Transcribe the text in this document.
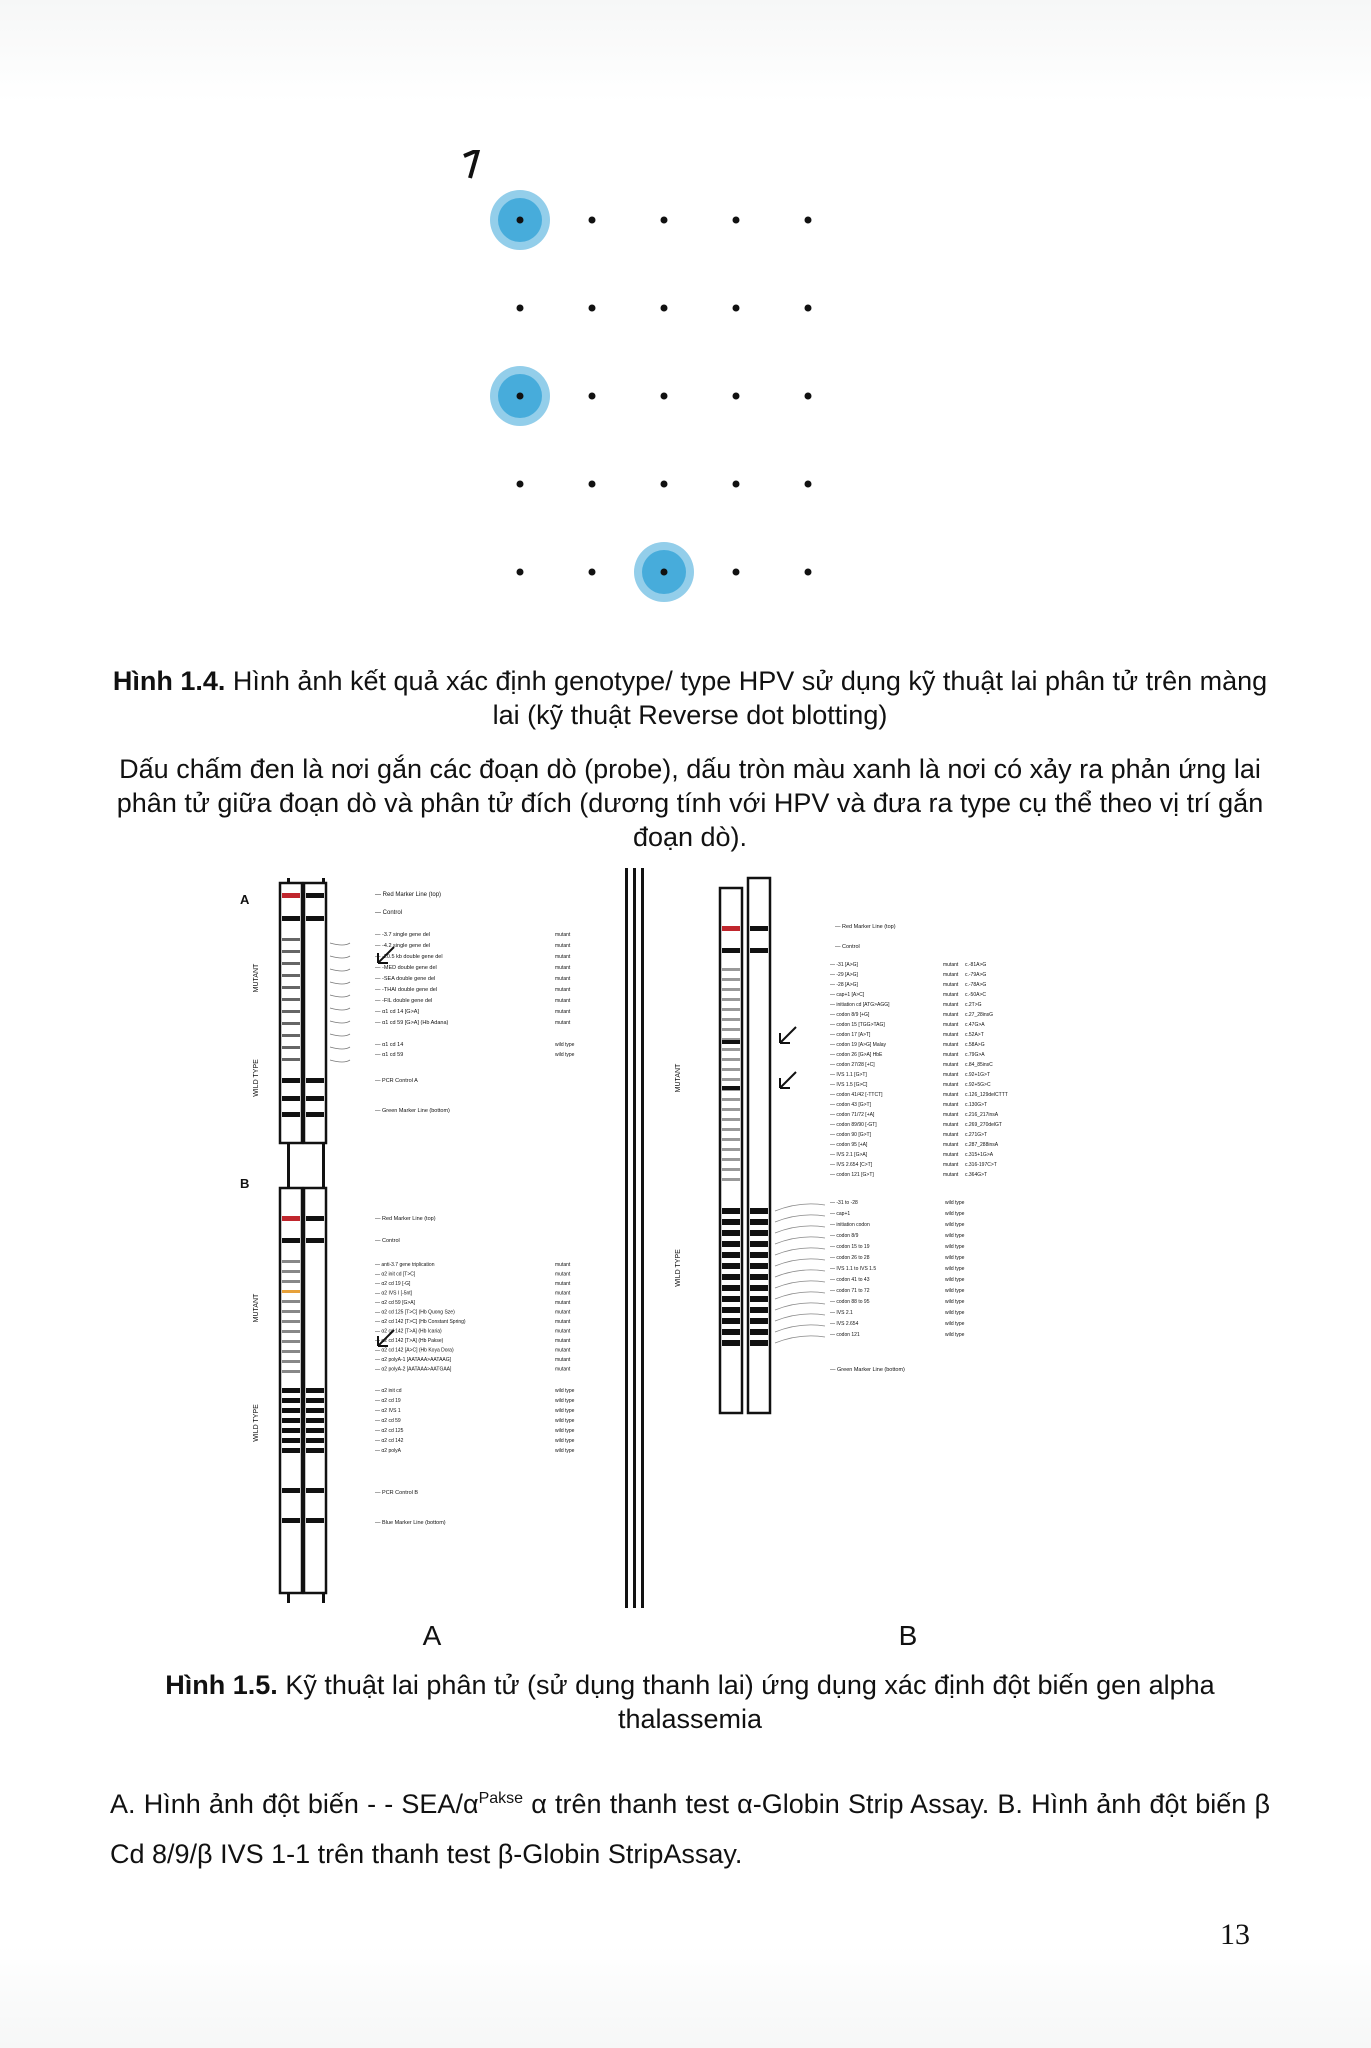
Hình 1.4. Hình ảnh kết quả xác định genotype/ type HPV sử dụng kỹ thuật lai phân tử trên màng lai (kỹ thuật Reverse dot blotting)
Dấu chấm đen là nơi gắn các đoạn dò (probe), dấu tròn màu xanh là nơi có xảy ra phản ứng lai phân tử giữa đoạn dò và phân tử đích (dương tính với HPV và đưa ra type cụ thể theo vị trí gắn đoạn dò).
A
B
MUTANT
WILD TYPE
MUTANT
WILD TYPE
— Red Marker Line (top)
— Control
— -3.7 single gene del	mutant
— -4.2 single gene del	mutant
— -20.5 kb double gene del	mutant
— -MED double gene del	mutant
— -SEA double gene del	mutant
— -THAI double gene del	mutant
— -FIL double gene del	mutant
— α1 cd 14 [G>A]	mutant
— α1 cd 59 [G>A] (Hb Adana)	mutant
— α1 cd 14	wild type
— α1 cd 59	wild type
— PCR Control A
— Green Marker Line (bottom)
— Red Marker Line (top)
— Control
— anti-3.7 gene triplication	mutant
— α2 init cd [T>C]	mutant
— α2 cd 19 [-G]	mutant
— α2 IVS I [-5nt]	mutant
— α2 cd 59 [G>A]	mutant
— α2 cd 125 [T>C] (Hb Quong Sze)	mutant
— α2 cd 142 [T>C] (Hb Constant Spring)	mutant
— α2 cd 142 [T>A] (Hb Icaria)	mutant
— α2 cd 142 [T>A] (Hb Pakse)	mutant
— α2 cd 142 [A>C] (Hb Koya Dora)	mutant
— α2 polyA-1 [AATAAA>AATAAG]	mutant
— α2 polyA-2 [AATAAA>AATGAA]	mutant
— α2 init cd	wild type
— α2 cd 19	wild type
— α2 IVS 1	wild type
— α2 cd 59	wild type
— α2 cd 125	wild type
— α2 cd 142	wild type
— α2 polyA	wild type
— PCR Control B
— Blue Marker Line (bottom)
MUTANT
WILD TYPE
— Red Marker Line (top)
— Control
— -31 [A>G]	mutant c.-81A>G
— -29 [A>G]	mutant c.-79A>G
— -28 [A>G]	mutant c.-78A>G
— cap+1 [A>C]	mutant c.-50A>C
— initiation cd [ATG>AGG]	mutant c.2T>G
— codon 8/9 [+G]	mutant c.27_28insG
— codon 15 [TGG>TAG]	mutant c.47G>A
— codon 17 [A>T]	mutant c.52A>T
— codon 19 [A>G] Malay	mutant c.58A>G
— codon 26 [G>A] HbE	mutant c.79G>A
— codon 27/28 [+C]	mutant c.84_85insC
— IVS 1.1 [G>T]	mutant c.92+1G>T
— IVS 1.5 [G>C]	mutant c.92+5G>C
— codon 41/42 [-TTCT]	mutant c.126_129delCTTT
— codon 43 [G>T]	mutant c.130G>T
— codon 71/72 [+A]	mutant c.216_217insA
— codon 89/90 [-GT]	mutant c.269_270delGT
— codon 90 [G>T]	mutant c.271G>T
— codon 95 [+A]	mutant c.287_288insA
— IVS 2.1 [G>A]	mutant c.315+1G>A
— IVS 2.654 [C>T]	mutant c.316-197C>T
— codon 121 [G>T]	mutant c.364G>T
— -31 to -28	wild type
— cap+1	wild type
— initiation codon	wild type
— codon 8/9	wild type
— codon 15 to 19	wild type
— codon 26 to 28	wild type
— IVS 1.1 to IVS 1.5	wild type
— codon 41 to 43	wild type
— codon 71 to 72	wild type
— codon 88 to 95	wild type
— IVS 2.1	wild type
— IVS 2.654	wild type
— codon 121	wild type
— Green Marker Line (bottom)
A	B
Hình 1.5. Kỹ thuật lai phân tử (sử dụng thanh lai) ứng dụng xác định đột biến gen alpha thalassemia
A. Hình ảnh đột biến - - SEA/$\alpha^{Pakse}$ α trên thanh test α-Globin Strip Assay. B. Hình ảnh đột biến β Cd 8/9/β IVS 1-1 trên thanh test β-Globin StripAssay.
13
